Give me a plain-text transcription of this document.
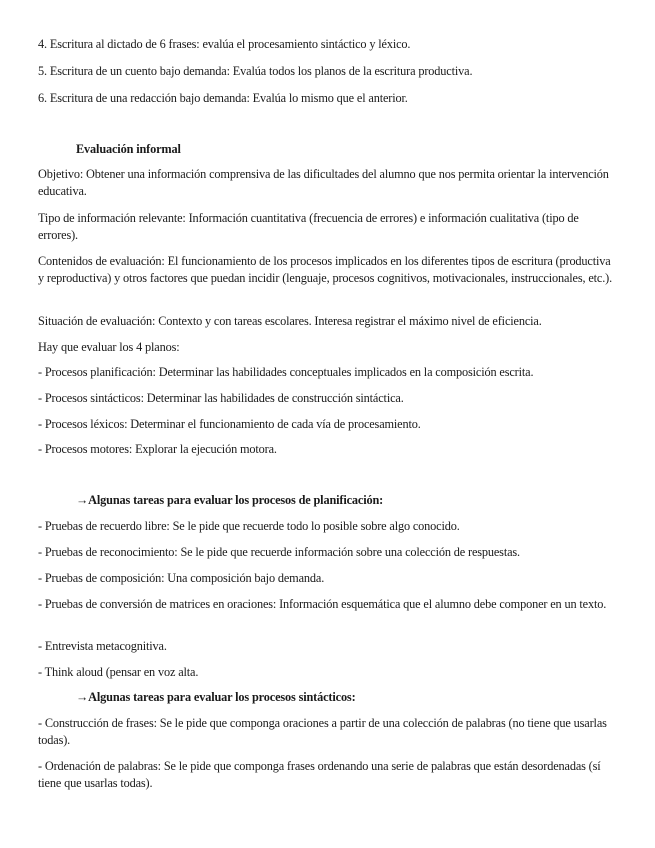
4. Escritura al dictado de 6 frases: evalúa el procesamiento sintáctico y léxico.
5. Escritura de un cuento bajo demanda: Evalúa todos los planos de la escritura productiva.
6. Escritura de una redacción bajo demanda: Evalúa lo mismo que el anterior.
Evaluación informal
Objetivo: Obtener una información comprensiva de las dificultades del alumno que nos permita orientar la intervención educativa.
Tipo de información relevante: Información cuantitativa (frecuencia de errores) e información cualitativa (tipo de errores).
Contenidos de evaluación: El funcionamiento de los procesos implicados en los diferentes tipos de escritura (productiva y reproductiva) y otros factores que puedan incidir (lenguaje, procesos cognitivos, motivacionales, instruccionales, etc.).
Situación de evaluación: Contexto y con tareas escolares. Interesa registrar el máximo nivel de eficiencia.
Hay que evaluar los 4 planos:
- Procesos planificación: Determinar las habilidades conceptuales implicados en la composición escrita.
- Procesos sintácticos: Determinar las habilidades de construcción sintáctica.
- Procesos léxicos: Determinar el funcionamiento de cada vía de procesamiento.
- Procesos motores: Explorar la ejecución motora.
→Algunas tareas para evaluar los procesos de planificación:
- Pruebas de recuerdo libre: Se le pide que recuerde todo lo posible sobre algo conocido.
- Pruebas de reconocimiento: Se le pide que recuerde información sobre una colección de respuestas.
- Pruebas de composición: Una composición bajo demanda.
- Pruebas de conversión de matrices en oraciones: Información esquemática que el alumno debe componer en un texto.
- Entrevista metacognitiva.
- Think aloud (pensar en voz alta.
→Algunas tareas para evaluar los procesos sintácticos:
- Construcción de frases: Se le pide que componga oraciones a partir de una colección de palabras (no tiene que usarlas todas).
- Ordenación de palabras: Se le pide que componga frases ordenando una serie de palabras que están desordenadas (sí tiene que usarlas todas).
